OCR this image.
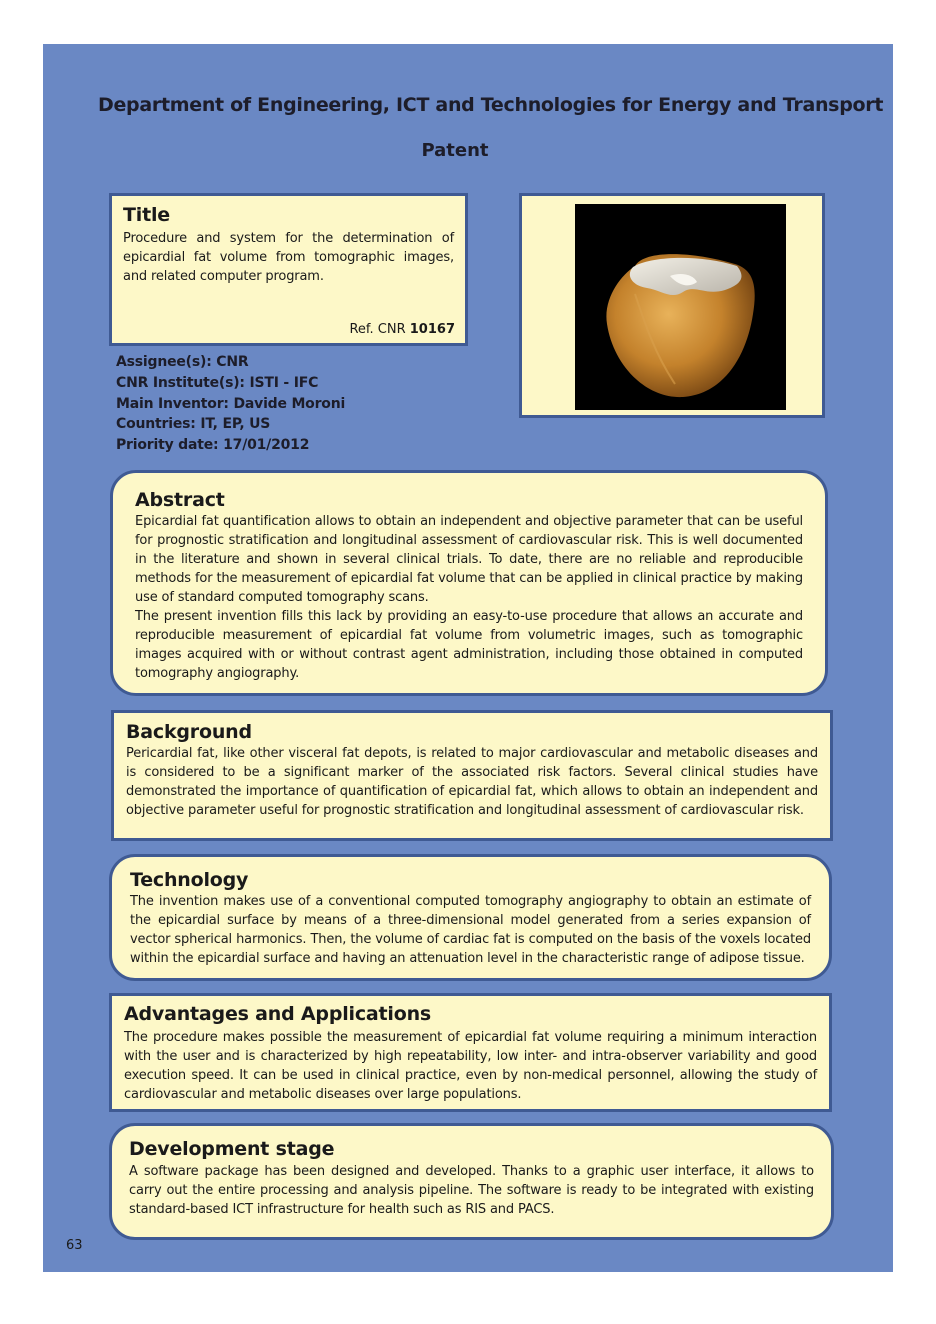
Department of Engineering, ICT and Technologies for Energy and Transport
Patent
Title

Procedure and system for the determination of epicardial fat volume from tomographic images, and related computer program.

Ref. CNR 10167
Assignee(s): CNR
CNR Institute(s): ISTI - IFC
Main Inventor: Davide Moroni
Countries: IT, EP, US
Priority date: 17/01/2012
Abstract

Epicardial fat quantification allows to obtain an independent and objective parameter that can be useful for prognostic stratification and longitudinal assessment of cardiovascular risk. This is well documented in the literature and shown in several clinical trials. To date, there are no reliable and reproducible methods for the measurement of epicardial fat volume that can be applied in clinical practice by making use of standard computed tomography scans.

The present invention fills this lack by providing an easy-to-use procedure that allows an accurate and reproducible measurement of epicardial fat volume from volumetric images, such as tomographic images acquired with or without contrast agent administration, including those obtained in computed tomography angiography.

Background

Pericardial fat, like other visceral fat depots, is related to major cardiovascular and metabolic diseases and is considered to be a significant marker of the associated risk factors. Several clinical studies have demonstrated the importance of quantification of epicardial fat, which allows to obtain an independent and objective parameter useful for prognostic stratification and longitudinal assessment of cardiovascular risk.

Technology

The invention makes use of a conventional computed tomography angiography to obtain an estimate of the epicardial surface by means of a three-dimensional model generated from a series expansion of vector spherical harmonics. Then, the volume of cardiac fat is computed on the basis of the voxels located within the epicardial surface and having an attenuation level in the characteristic range of adipose tissue.

Advantages and Applications

The procedure makes possible the measurement of epicardial fat volume requiring a minimum interaction with the user and is characterized by high repeatability, low inter- and intra-observer variability and good execution speed. It can be used in clinical practice, even by non-medical personnel, allowing the study of cardiovascular and metabolic diseases over large populations.

Development stage

A software package has been designed and developed. Thanks to a graphic user interface, it allows to carry out the entire processing and analysis pipeline. The software is ready to be integrated with existing standard-based ICT infrastructure for health such as RIS and PACS.

63
